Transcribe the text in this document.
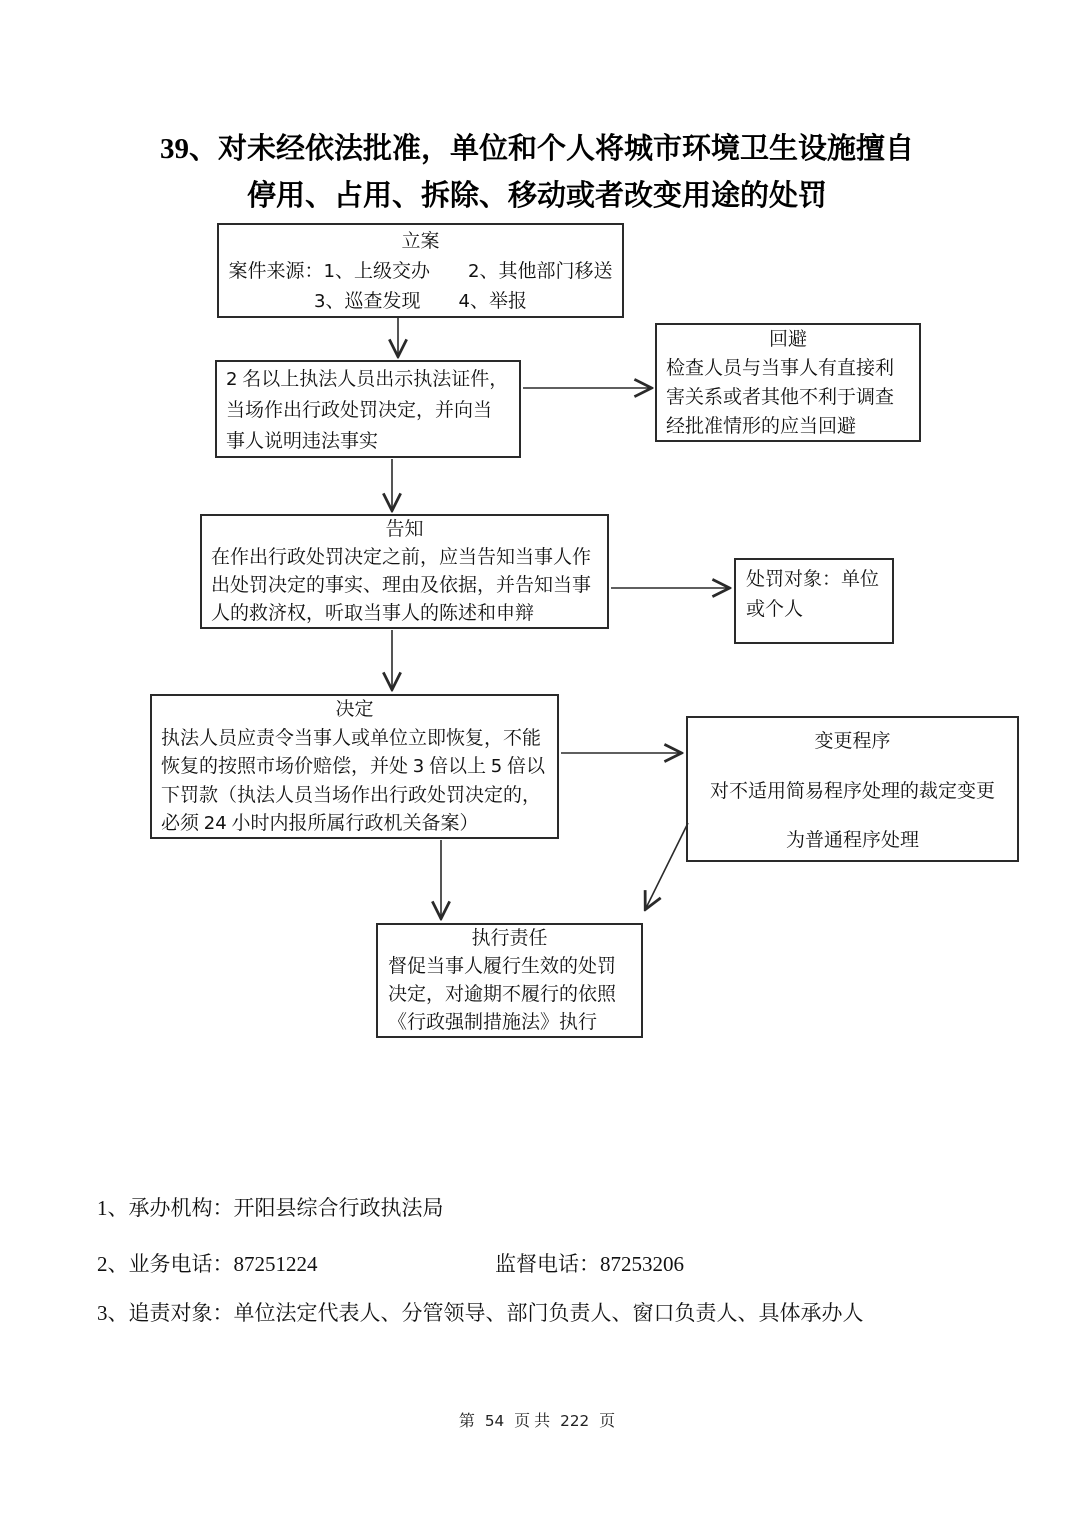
39、对未经依法批准，单位和个人将城市环境卫生设施擅自
停用、占用、拆除、移动或者改变用途的处罚
立案
案件来源：1、上级交办　　2、其他部门移送
3、巡查发现　　4、举报
2 名以上执法人员出示执法证件，当场作出行政处罚决定，并向当事人说明违法事实
回避
检查人员与当事人有直接利害关系或者其他不利于调查经批准情形的应当回避
告知
在作出行政处罚决定之前，应当告知当事人作出处罚决定的事实、理由及依据，并告知当事人的救济权，听取当事人的陈述和申辩
处罚对象：单位或个人
决定
执法人员应责令当事人或单位立即恢复，不能恢复的按照市场价赔偿，并处 3 倍以上 5 倍以下罚款（执法人员当场作出行政处罚决定的，必须 24 小时内报所属行政机关备案）
变更程序
对不适用简易程序处理的裁定变更
为普通程序处理
执行责任
督促当事人履行生效的处罚决定，对逾期不履行的依照《行政强制措施法》执行
1、承办机构：开阳县综合行政执法局
2、业务电话：87251224	监督电话：87253206
3、追责对象：单位法定代表人、分管领导、部门负责人、窗口负责人、具体承办人
第 54 页 共 222 页
